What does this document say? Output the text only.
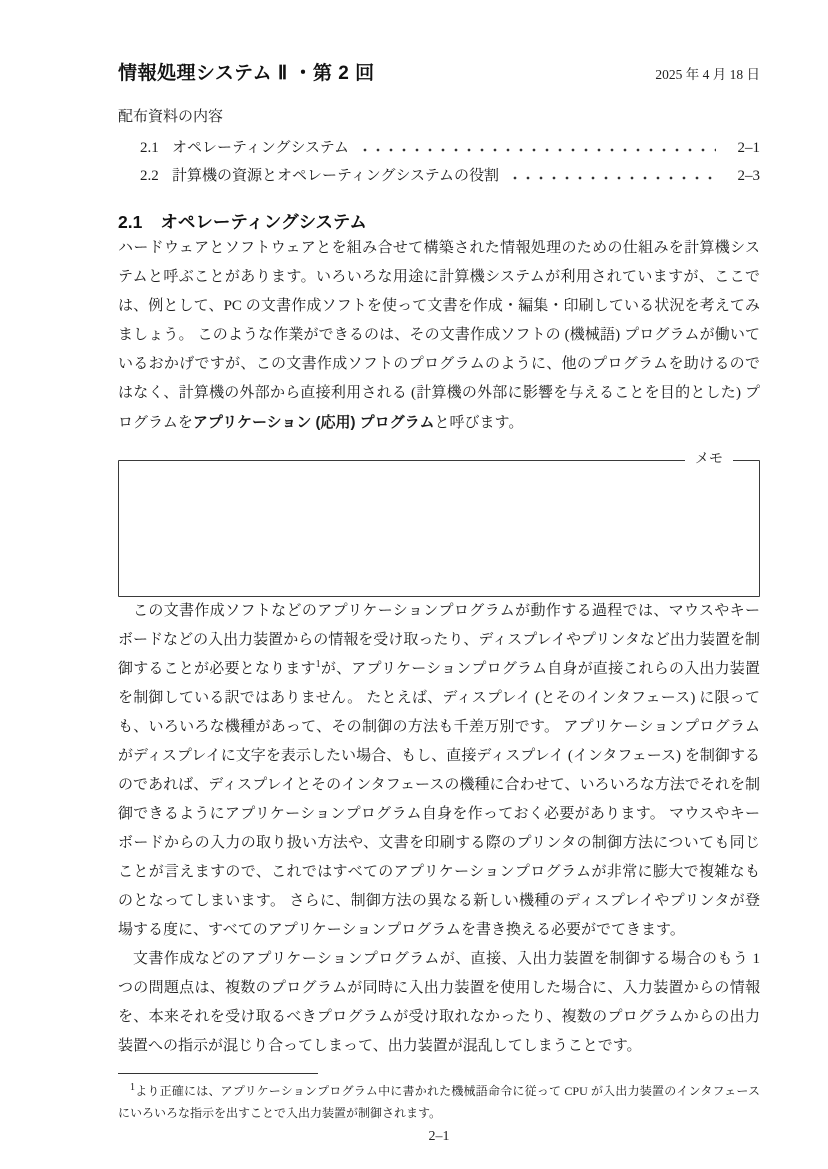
情報処理システム Ⅱ ・第 2 回	2025 年 4 月 18 日
配布資料の内容
2.1 オペレーティングシステム	2–1
2.2 計算機の資源とオペレーティングシステムの役割	2–3
2.1 オペレーティングシステム

ハードウェアとソフトウェアとを組み合せて構築された情報処理のための仕組みを計算機システムと呼ぶことがあります。いろいろな用途に計算機システムが利用されていますが、ここでは、例として、PC の文書作成ソフトを使って文書を作成・編集・印刷している状況を考えてみましょう。 このような作業ができるのは、その文書作成ソフトの (機械語) プログラムが働いているおかげですが、この文書作成ソフトのプログラムのように、他のプログラムを助けるのではなく、計算機の外部から直接利用される (計算機の外部に影響を与えることを目的とした) プログラムをアプリケーション (応用) プログラムと呼びます。

メモ

この文書作成ソフトなどのアプリケーションプログラムが動作する過程では、マウスやキーボードなどの入出力装置からの情報を受け取ったり、ディスプレイやプリンタなど出力装置を制御することが必要となります$^1$が、アプリケーションプログラム自身が直接これらの入出力装置を制御している訳ではありません。 たとえば、ディスプレイ (とそのインタフェース) に限っても、いろいろな機種があって、その制御の方法も千差万別です。 アプリケーションプログラムがディスプレイに文字を表示したい場合、もし、直接ディスプレイ (インタフェース) を制御するのであれば、ディスプレイとそのインタフェースの機種に合わせて、いろいろな方法でそれを制御できるようにアプリケーションプログラム自身を作っておく必要があります。 マウスやキーボードからの入力の取り扱い方法や、文書を印刷する際のプリンタの制御方法についても同じことが言えますので、これではすべてのアプリケーションプログラムが非常に膨大で複雑なものとなってしまいます。 さらに、制御方法の異なる新しい機種のディスプレイやプリンタが登場する度に、すべてのアプリケーションプログラムを書き換える必要がでてきます。

文書作成などのアプリケーションプログラムが、直接、入出力装置を制御する場合のもう 1 つの問題点は、複数のプログラムが同時に入出力装置を使用した場合に、入力装置からの情報を、本来それを受け取るべきプログラムが受け取れなかったり、複数のプログラムからの出力装置への指示が混じり合ってしまって、出力装置が混乱してしまうことです。

$^1$より正確には、アプリケーションプログラム中に書かれた機械語命令に従って CPU が入出力装置のインタフェースにいろいろな指示を出すことで入出力装置が制御されます。

2–1
